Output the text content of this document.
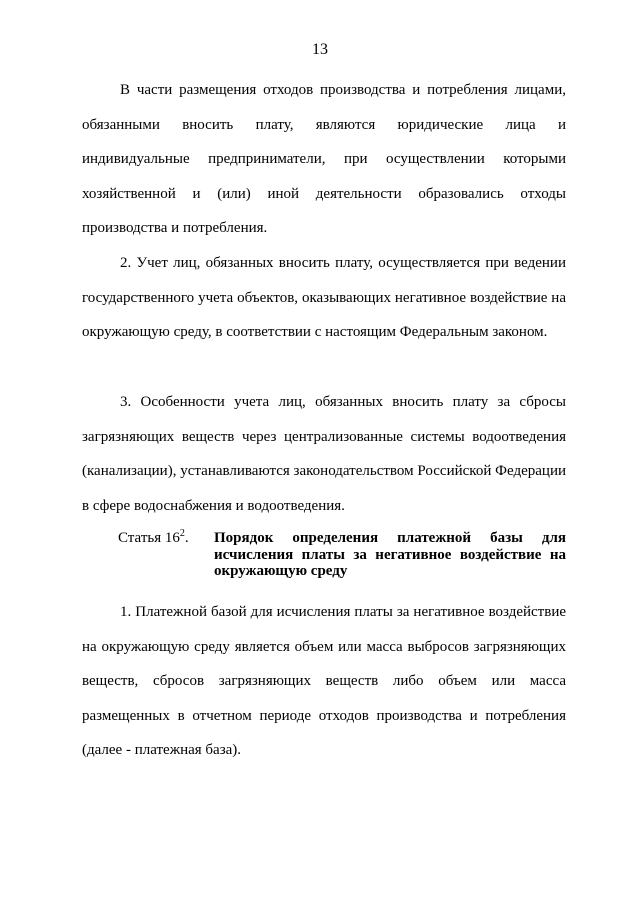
13
В части размещения отходов производства и потребления лицами, обязанными вносить плату, являются юридические лица и индивидуальные предприниматели, при осуществлении которыми хозяйственной и (или) иной деятельности образовались отходы производства и потребления.
2. Учет лиц, обязанных вносить плату, осуществляется при ведении государственного учета объектов, оказывающих негативное воздействие на окружающую среду, в соответствии с настоящим Федеральным законом.
3. Особенности учета лиц, обязанных вносить плату за сбросы загрязняющих веществ через централизованные системы водоотведения (канализации), устанавливаются законодательством Российской Федерации в сфере водоснабжения и водоотведения.
Статья $16^2$. Порядок определения платежной базы для исчисления платы за негативное воздействие на окружающую среду
1. Платежной базой для исчисления платы за негативное воздействие на окружающую среду является объем или масса выбросов загрязняющих веществ, сбросов загрязняющих веществ либо объем или масса размещенных в отчетном периоде отходов производства и потребления (далее - платежная база).
